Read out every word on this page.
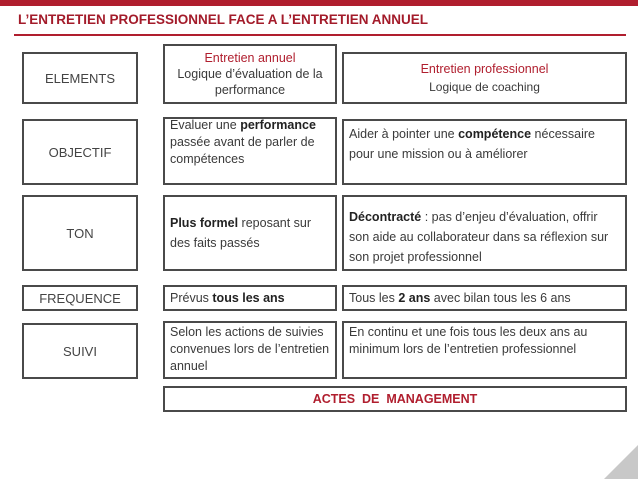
L’ENTRETIEN PROFESSIONNEL FACE A L’ENTRETIEN ANNUEL
ELEMENTS
Entretien annuel
Logique d’évaluation de la performance
Entretien professionnel
Logique de coaching
OBJECTIF
Evaluer une performance passée avant de parler de compétences
Aider à pointer une compétence nécessaire pour une mission ou à améliorer
TON
Plus formel reposant sur des faits passés
Décontracté : pas d’enjeu d’évaluation, offrir son aide au collaborateur dans sa réflexion sur son projet professionnel
FREQUENCE	Prévus tous les ans	Tous les 2 ans avec bilan tous les 6 ans
SUIVI
Selon les actions de suivies convenues lors de l’entretien annuel
En continu et une fois tous les deux ans au minimum lors de l’entretien professionnel
ACTES  DE  MANAGEMENT
